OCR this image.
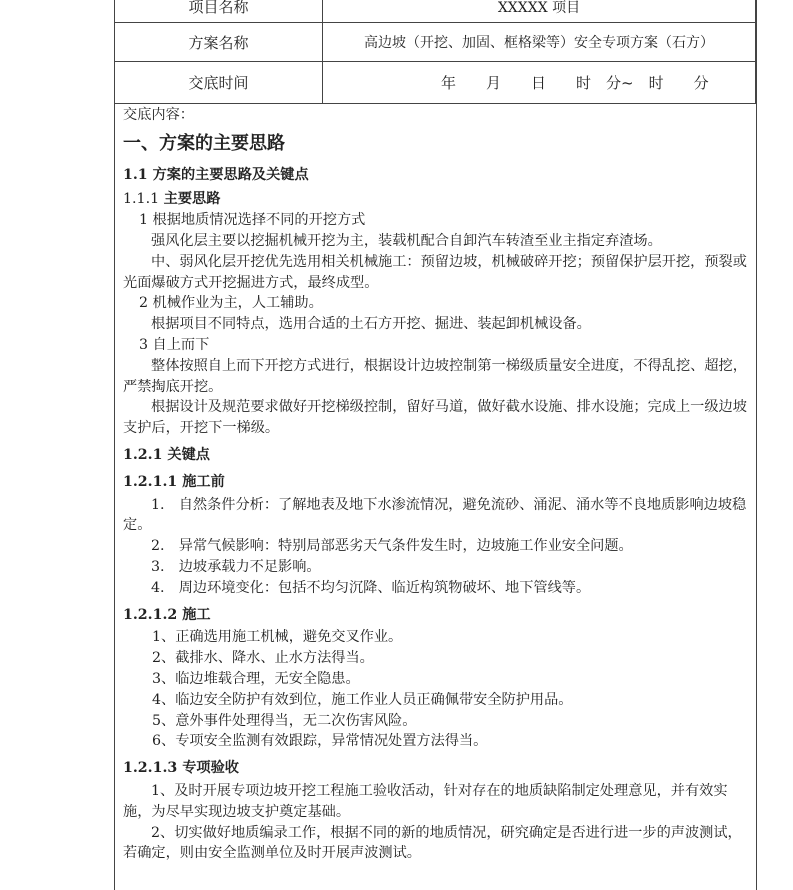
项目名称	XXXXX 项目
方案名称	高边坡（开挖、加固、框格梁等）安全专项方案（石方）
交底时间	年　　月　　日　　时　分~　时　　分

交底内容：

一、方案的主要思路

1.1 方案的主要思路及关键点

1.1.1 主要思路

1 根据地质情况选择不同的开挖方式

强风化层主要以挖掘机械开挖为主，装载机配合自卸汽车转渣至业主指定弃渣场。

中、弱风化层开挖优先选用相关机械施工：预留边坡，机械破碎开挖；预留保护层开挖，预裂或光面爆破方式开挖掘进方式，最终成型。

2 机械作业为主，人工辅助。

根据项目不同特点，选用合适的土石方开挖、掘进、装起卸机械设备。

3 自上而下

整体按照自上而下开挖方式进行，根据设计边坡控制第一梯级质量安全进度，不得乱挖、超挖，严禁掏底开挖。

根据设计及规范要求做好开挖梯级控制，留好马道，做好截水设施、排水设施；完成上一级边坡支护后，开挖下一梯级。

1.2.1 关键点

1.2.1.1 施工前

1.　自然条件分析：了解地表及地下水渗流情况，避免流砂、涌泥、涌水等不良地质影响边坡稳定。

2.　异常气候影响：特别局部恶劣天气条件发生时，边坡施工作业安全问题。

3.　边坡承载力不足影响。

4.　周边环境变化：包括不均匀沉降、临近构筑物破坏、地下管线等。

1.2.1.2 施工

1、正确选用施工机械，避免交叉作业。

2、截排水、降水、止水方法得当。

3、临边堆载合理，无安全隐患。

4、临边安全防护有效到位，施工作业人员正确佩带安全防护用品。

5、意外事件处理得当，无二次伤害风险。

6、专项安全监测有效跟踪，异常情况处置方法得当。

1.2.1.3 专项验收

1、及时开展专项边坡开挖工程施工验收活动，针对存在的地质缺陷制定处理意见，并有效实施，为尽早实现边坡支护奠定基础。

2、切实做好地质编录工作，根据不同的新的地质情况，研究确定是否进行进一步的声波测试，若确定，则由安全监测单位及时开展声波测试。
